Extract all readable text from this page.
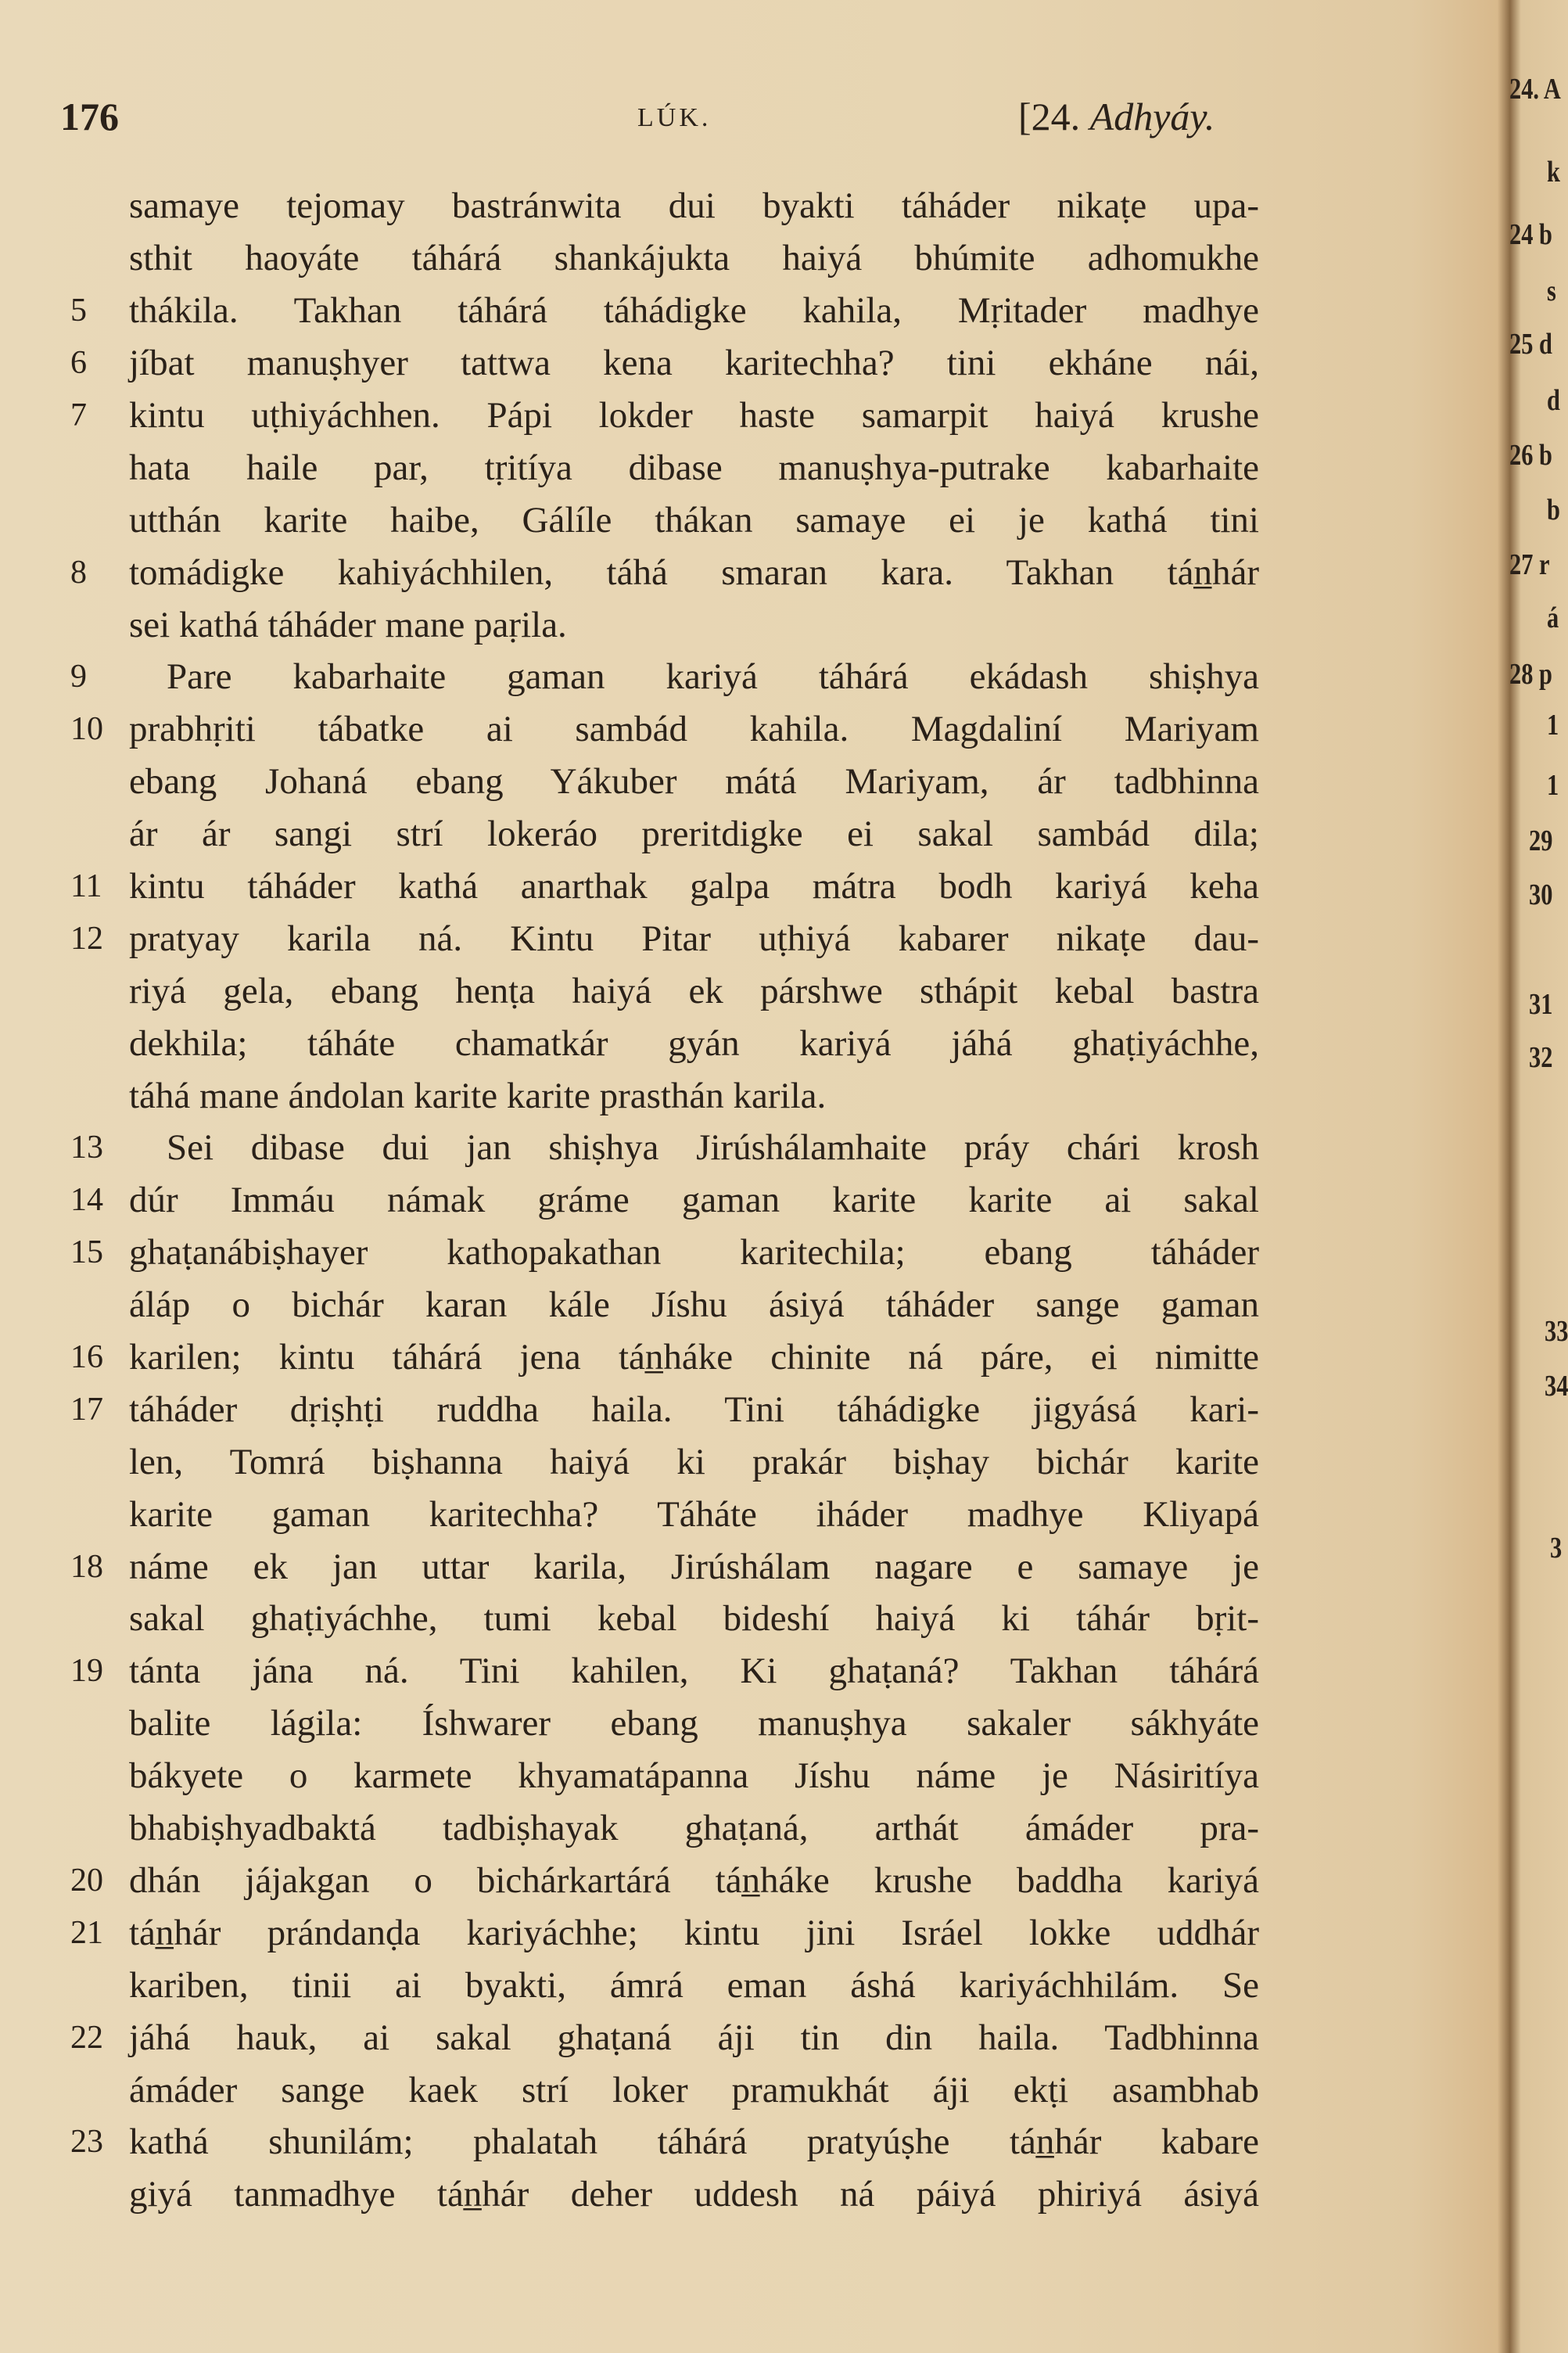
176	LÚK.	[24. Adhyáy.
samaye tejomay bastránwita dui byakti táháder nikaṭe upa-
sthit haoyáte táhárá shankájukta haiyá bhúmite adhomukhe
5	thákila. Takhan táhárá táhádigke kahila, Mṛitader madhye
6	jíbat manuṣhyer tattwa kena karitechha? tini ekháne nái,
7	kintu uṭhiyáchhen. Pápi lokder haste samarpit haiyá krushe
hata haile par, tṛitíya dibase manuṣhya-putrake kabarhaite
utthán karite haibe, Gálíle thákan samaye ei je kathá tini
8	tomádigke kahiyáchhilen, táhá smaran kara. Takhan tán̲hár
sei kathá táháder mane paṛila.
9	Pare kabarhaite gaman kariyá táhárá ekádash shiṣhya
10 prabhṛiti tábatke ai sambád kahila. Magdaliní Mariyam
ebang Johaná ebang Yákuber mátá Mariyam, ár tadbhinna
ár ár sangi strí lokeráo preritdigke ei sakal sambád dila;
11 kintu táháder kathá anarthak galpa mátra bodh kariyá keha
12 pratyay karila ná. Kintu Pitar uṭhiyá kabarer nikaṭe dau-
riyá gela, ebang henṭa haiyá ek párshwe sthápit kebal bastra
dekhila; táháte chamatkár gyán kariyá jáhá ghaṭiyáchhe,
táhá mane ándolan karite karite prasthán karila.
13	Sei dibase dui jan shiṣhya Jirúshálamhaite práy chári krosh
14 dúr Immáu námak gráme gaman karite karite ai sakal
15 ghaṭanábiṣhayer kathopakathan karitechila; ebang táháder
áláp o bichár karan kále Jíshu ásiyá táháder sange gaman
16 karilen; kintu táhárá jena tán̲háke chinite ná páre, ei nimitte
17 táháder dṛiṣhṭi ruddha haila. Tini táhádigke jigyásá kari-
len, Tomrá biṣhanna haiyá ki prakár biṣhay bichár karite
karite gaman karitechha? Táháte iháder madhye Kliyapá
18 náme ek jan uttar karila, Jirúshálam nagare e samaye je
sakal ghaṭiyáchhe, tumi kebal bideshí haiyá ki táhár bṛit-
19 tánta jána ná. Tini kahilen, Ki ghaṭaná? Takhan táhárá
balite lágila: Íshwarer ebang manuṣhya sakaler sákhyáte
bákyete o karmete khyamatápanna Jíshu náme je Násiritíya
bhabiṣhyadbaktá tadbiṣhayak ghaṭaná, arthát ámáder pra-
20 dhán jájakgan o bichárkartárá tán̲háke krushe baddha kariyá
21 tán̲hár prándanḍa kariyáchhe; kintu jini Isráel lokke uddhár
kariben, tinii ai byakti, ámrá eman áshá kariyáchhilám. Se
22 jáhá hauk, ai sakal ghaṭaná áji tin din haila. Tadbhinna
ámáder sange kaek strí loker pramukhát áji ekṭi asambhab
23 kathá shunilám; phalatah táhárá pratyúṣhe tán̲hár kabare
giyá tanmadhye tán̲hár deher uddesh ná páiyá phiriyá ásiyá
24. A
k
24 b
s
25 d
d
26 b
b
27 r
á
28 p
1
1
29
30
31
32
33
34
3
